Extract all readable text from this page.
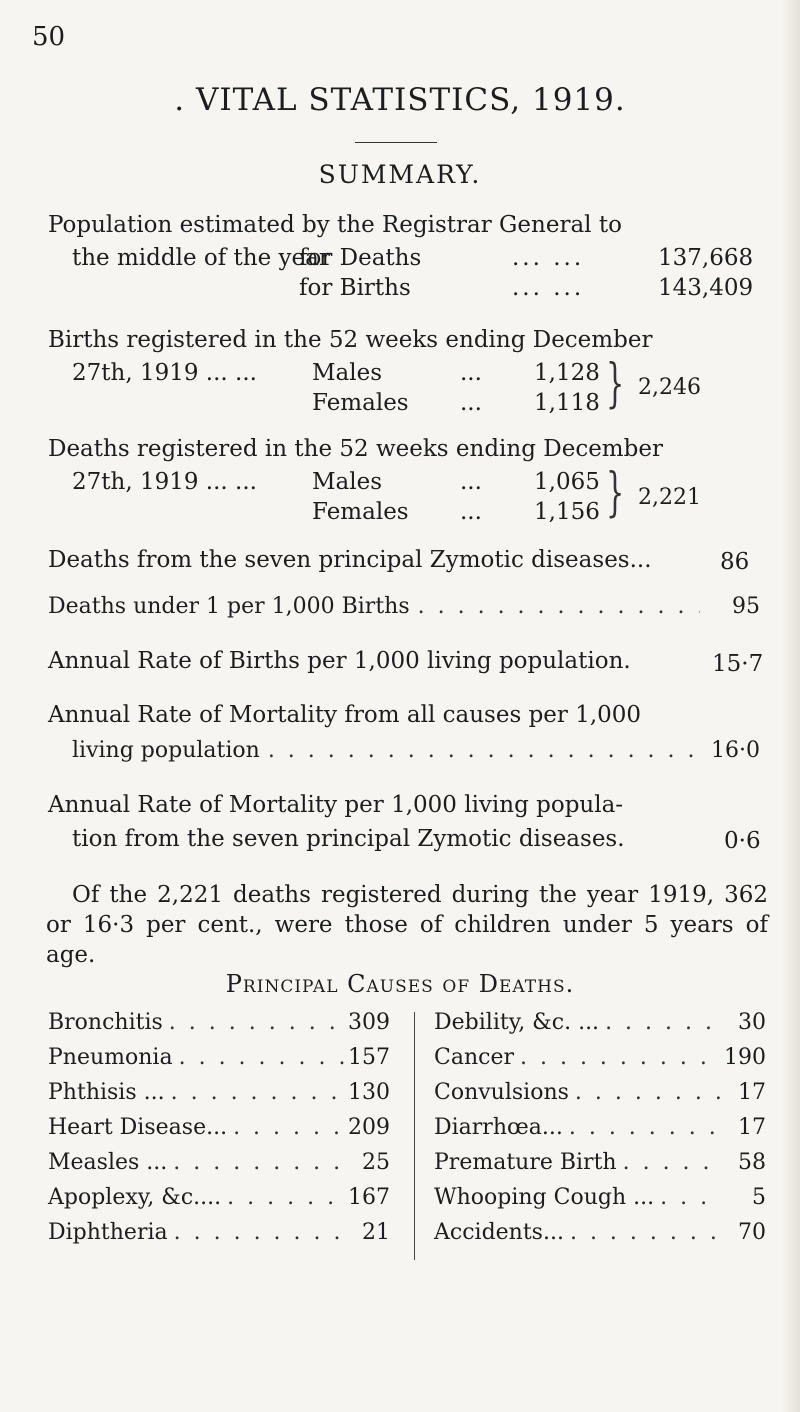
50
. VITAL STATISTICS, 1919.
SUMMARY.
Population estimated by the Registrar General to
the middle of the year
for Deaths	... ...	137,668
for Births	... ...	143,409
Births registered in the 52 weeks ending December
27th, 1919 ... ... Males	... 1,128
Females ... 1,118 } 2,246
Deaths registered in the 52 weeks ending December
27th, 1919 ... ... Males	... 1,065
Females ... 1,156 } 2,221
Deaths from the seven principal Zymotic diseases...	86
Deaths under 1 per 1,000 Births . . .	95
Annual Rate of Births per 1,000 living population.	15·7
Annual Rate of Mortality from all causes per 1,000
living population . . .	16·0
Annual Rate of Mortality per 1,000 living popula-
tion from the seven principal Zymotic diseases.	0·6
Of the 2,221 deaths registered during the year 1919, 362 or 16·3 per cent., were those of children under 5 years of age.
Principal Causes of Deaths.
Bronchitis . . .	309
Pneumonia . . .	157
Phthisis ... . . .	130
Heart Disease... . . .	209
Measles ... . . .	25
Apoplexy, &c.... . . .	167
Diphtheria . . .	21
Debility, &c. ... . . .	30
Cancer . . .	190
Convulsions . . .	17
Diarrhœa... . . .	17
Premature Birth . . .	58
Whooping Cough ... . . .	5
Accidents... . . .	70
